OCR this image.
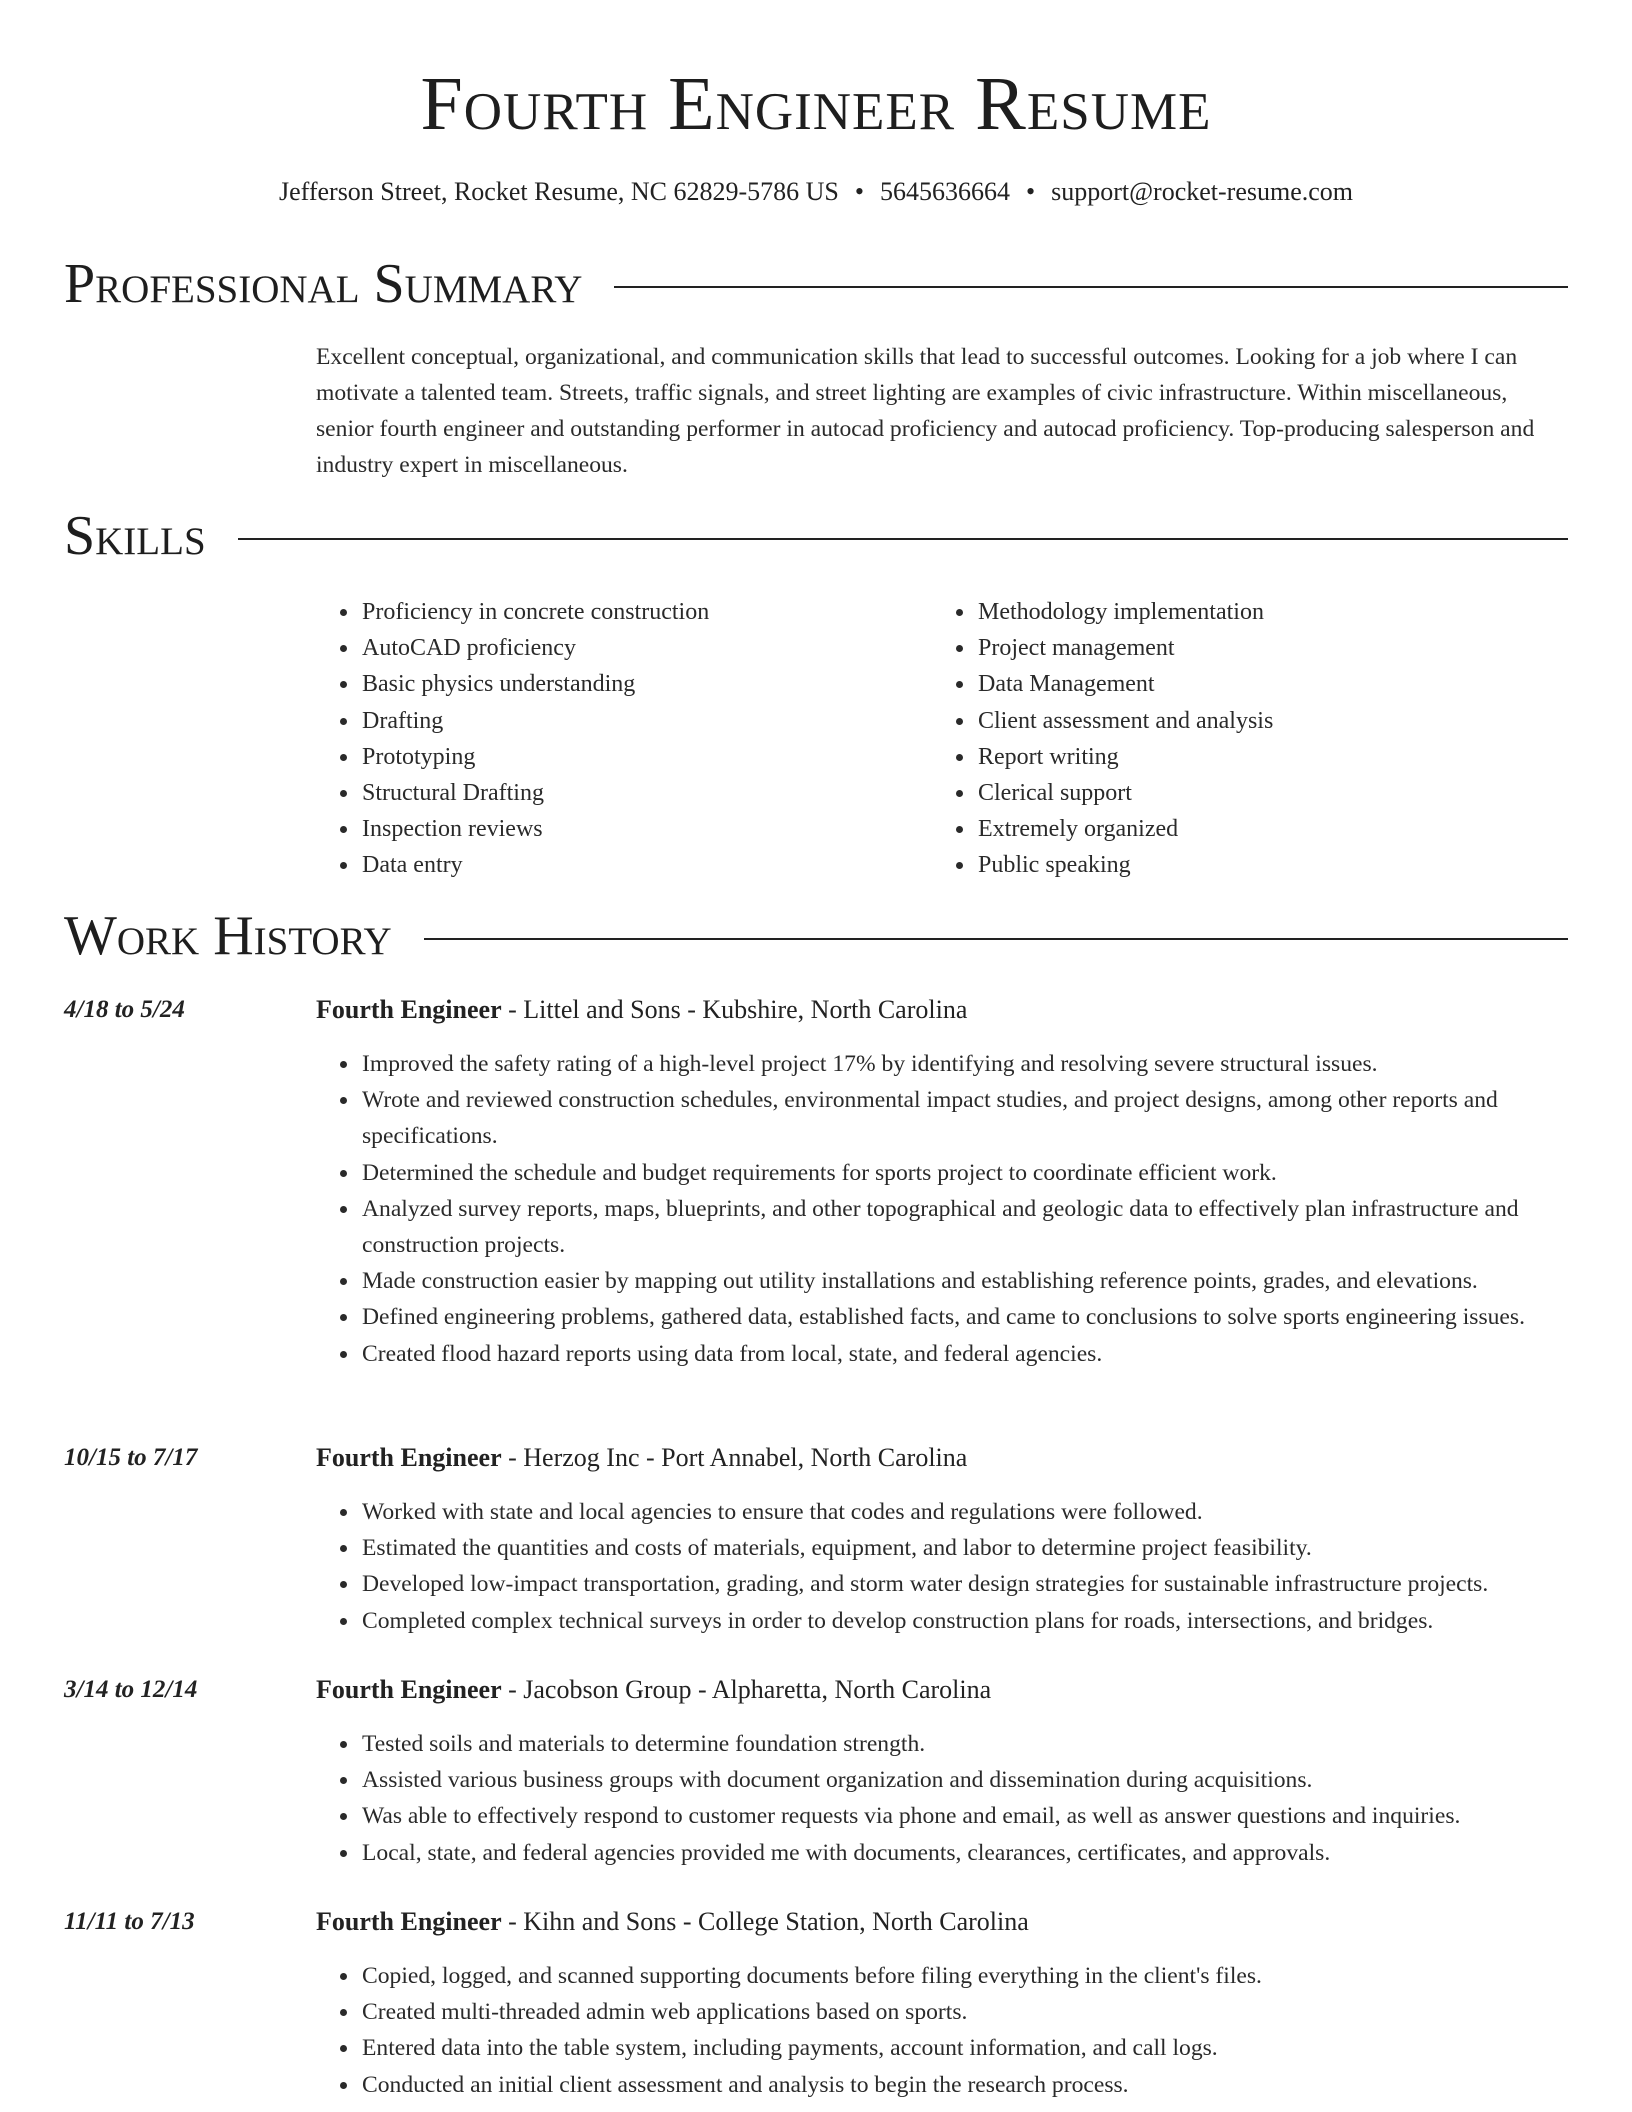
Fourth Engineer Resume
Jefferson Street, Rocket Resume, NC 62829-5786 US • 5645636664 • support@rocket-resume.com
Professional Summary
Excellent conceptual, organizational, and communication skills that lead to successful outcomes. Looking for a job where I can motivate a talented team. Streets, traffic signals, and street lighting are examples of civic infrastructure. Within miscellaneous, senior fourth engineer and outstanding performer in autocad proficiency and autocad proficiency. Top-producing salesperson and industry expert in miscellaneous.
Skills
• Proficiency in concrete construction
• AutoCAD proficiency
• Basic physics understanding
• Drafting
• Prototyping
• Structural Drafting
• Inspection reviews
• Data entry
• Methodology implementation
• Project management
• Data Management
• Client assessment and analysis
• Report writing
• Clerical support
• Extremely organized
• Public speaking
Work History
4/18 to 5/24	Fourth Engineer - Littel and Sons - Kubshire, North Carolina
• Improved the safety rating of a high-level project 17% by identifying and resolving severe structural issues.
• Wrote and reviewed construction schedules, environmental impact studies, and project designs, among other reports and specifications.
• Determined the schedule and budget requirements for sports project to coordinate efficient work.
• Analyzed survey reports, maps, blueprints, and other topographical and geologic data to effectively plan infrastructure and construction projects.
• Made construction easier by mapping out utility installations and establishing reference points, grades, and elevations.
• Defined engineering problems, gathered data, established facts, and came to conclusions to solve sports engineering issues.
• Created flood hazard reports using data from local, state, and federal agencies.
10/15 to 7/17	Fourth Engineer - Herzog Inc - Port Annabel, North Carolina
• Worked with state and local agencies to ensure that codes and regulations were followed.
• Estimated the quantities and costs of materials, equipment, and labor to determine project feasibility.
• Developed low-impact transportation, grading, and storm water design strategies for sustainable infrastructure projects.
• Completed complex technical surveys in order to develop construction plans for roads, intersections, and bridges.
3/14 to 12/14	Fourth Engineer - Jacobson Group - Alpharetta, North Carolina
• Tested soils and materials to determine foundation strength.
• Assisted various business groups with document organization and dissemination during acquisitions.
• Was able to effectively respond to customer requests via phone and email, as well as answer questions and inquiries.
• Local, state, and federal agencies provided me with documents, clearances, certificates, and approvals.
11/11 to 7/13	Fourth Engineer - Kihn and Sons - College Station, North Carolina
• Copied, logged, and scanned supporting documents before filing everything in the client's files.
• Created multi-threaded admin web applications based on sports.
• Entered data into the table system, including payments, account information, and call logs.
• Conducted an initial client assessment and analysis to begin the research process.
